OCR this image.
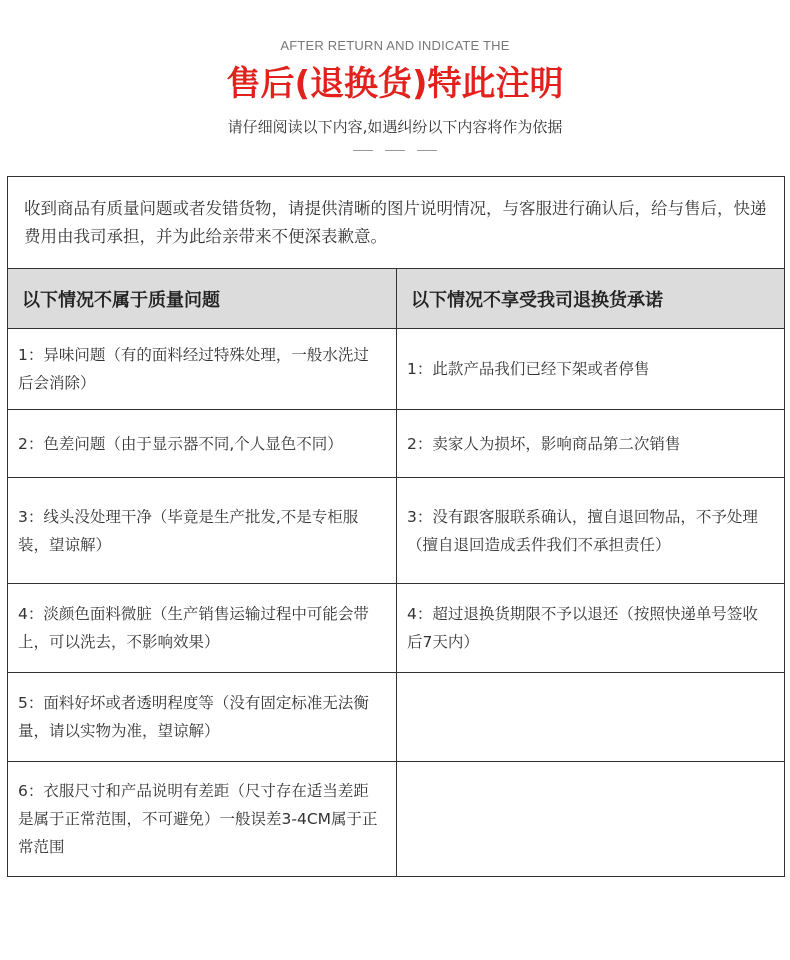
AFTER RETURN AND INDICATE THE
售后(退换货)特此注明
请仔细阅读以下内容,如遇纠纷以下内容将作为依据
收到商品有质量问题或者发错货物，请提供清晰的图片说明情况，与客服进行确认后，给与售后，快递费用由我司承担，并为此给亲带来不便深表歉意。
以下情况不属于质量问题	以下情况不享受我司退换货承诺
1：异味问题（有的面料经过特殊处理，一般水洗过后会消除）
1：此款产品我们已经下架或者停售
2：色差问题（由于显示器不同,个人显色不同）	2：卖家人为损坏，影响商品第二次销售
3：线头没处理干净（毕竟是生产批发,不是专柜服装，望谅解）
3：没有跟客服联系确认，擅自退回物品，不予处理（擅自退回造成丢件我们不承担责任）
4：淡颜色面料微脏（生产销售运输过程中可能会带上，可以洗去，不影响效果）
4：超过退换货期限不予以退还（按照快递单号签收后7天内）
5：面料好坏或者透明程度等（没有固定标准无法衡量，请以实物为准，望谅解）
6：衣服尺寸和产品说明有差距（尺寸存在适当差距是属于正常范围，不可避免）一般误差3-4CM属于正常范围
